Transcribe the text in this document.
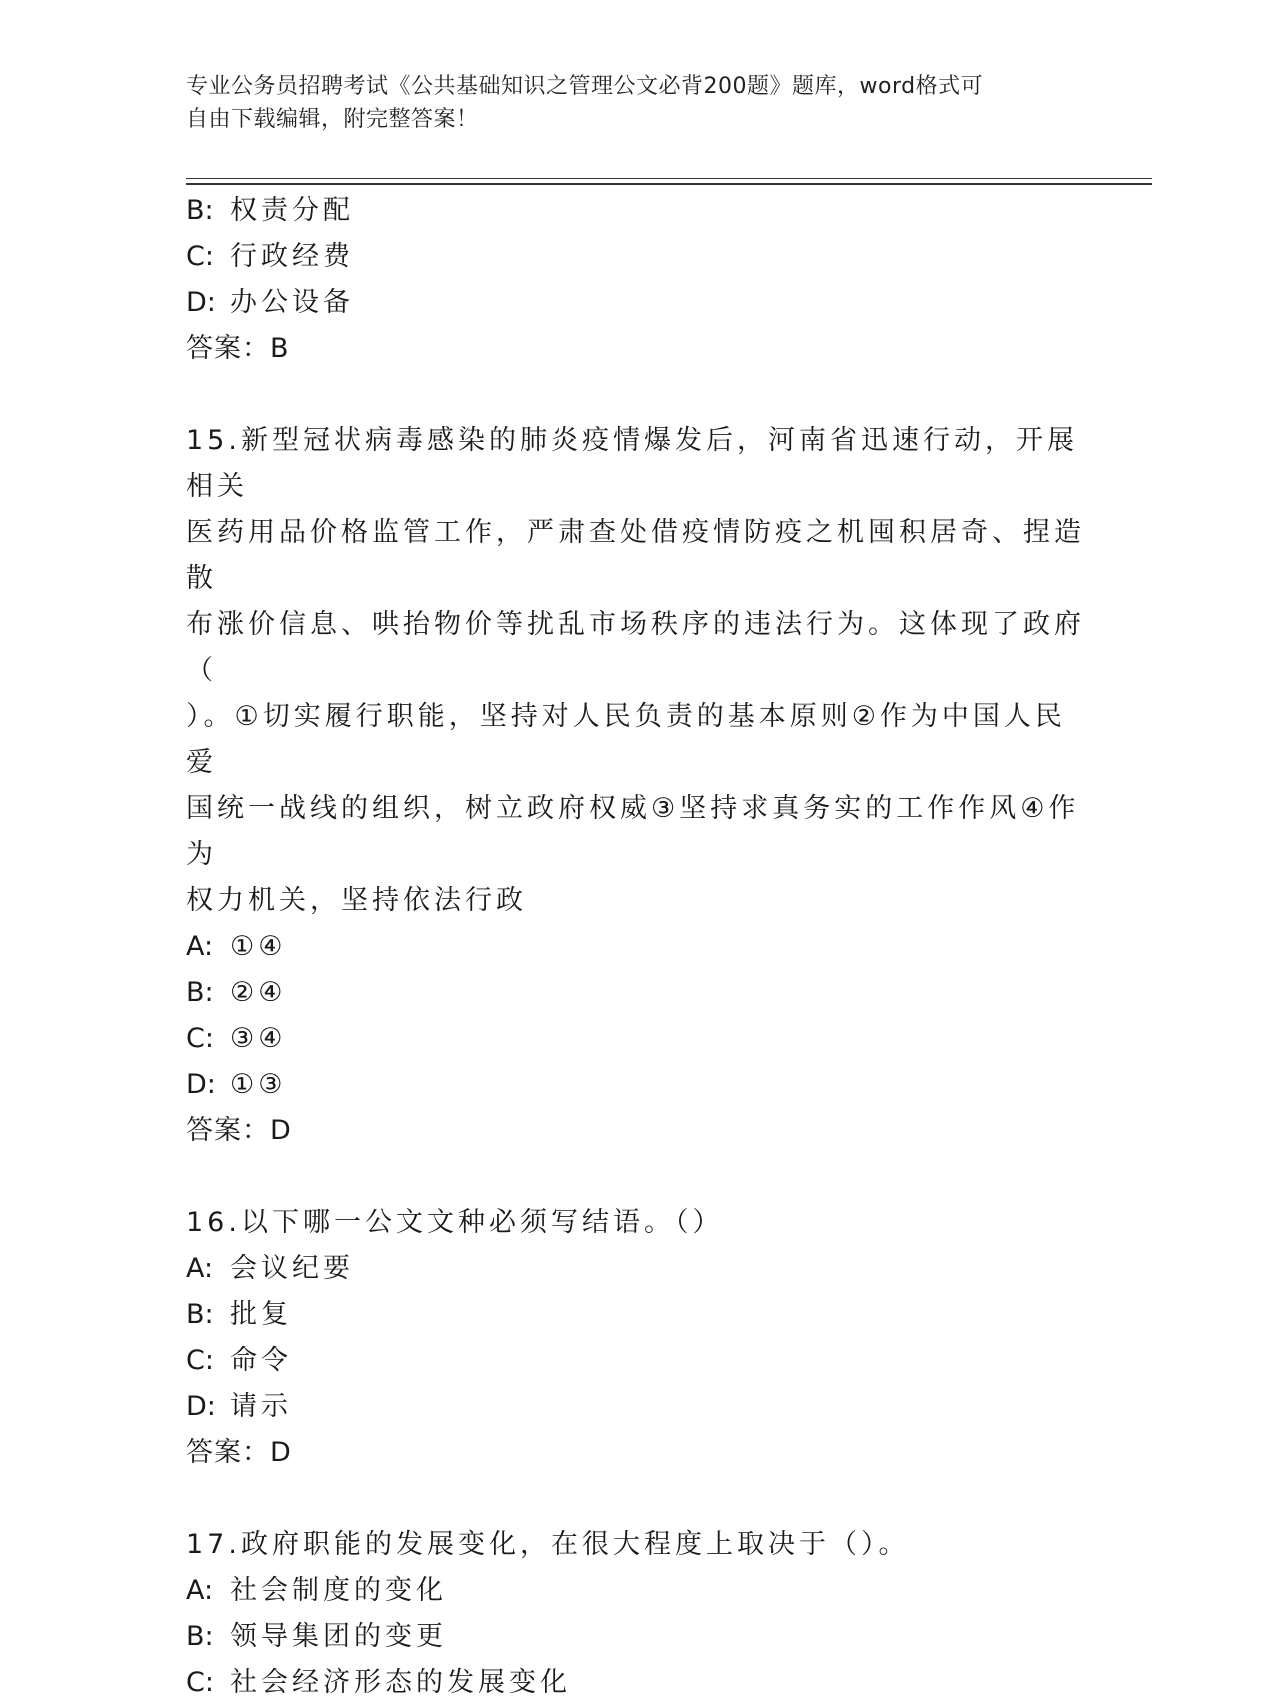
专业公务员招聘考试《公共基础知识之管理公文必背200题》题库，word格式可
自由下载编辑，附完整答案！
B: 权责分配
C: 行政经费
D: 办公设备
答案：B
15.新型冠状病毒感染的肺炎疫情爆发后，河南省迅速行动，开展相关
医药用品价格监管工作，严肃查处借疫情防疫之机囤积居奇、捏造散
布涨价信息、哄抬物价等扰乱市场秩序的违法行为。这体现了政府（
）。①切实履行职能，坚持对人民负责的基本原则②作为中国人民爱
国统一战线的组织，树立政府权威③坚持求真务实的工作作风④作为
权力机关，坚持依法行政
A: ①④
B: ②④
C: ③④
D: ①③
答案：D
16.以下哪一公文文种必须写结语。（）
A: 会议纪要
B: 批复
C: 命令
D: 请示
答案：D
17.政府职能的发展变化，在很大程度上取决于（）。
A: 社会制度的变化
B: 领导集团的变更
C: 社会经济形态的发展变化
